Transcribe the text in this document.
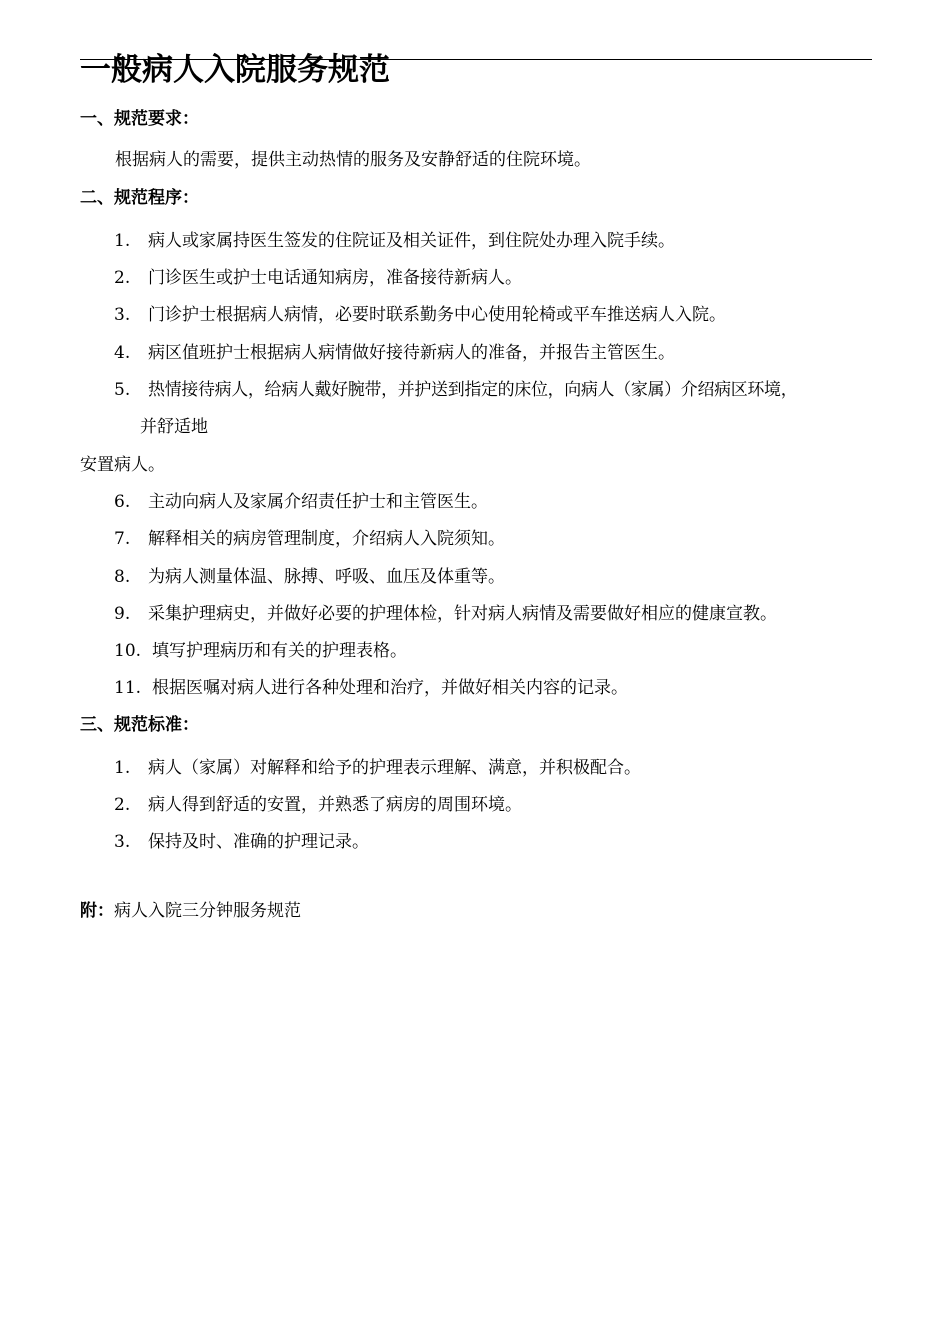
一般病人入院服务规范
一、规范要求：
根据病人的需要，提供主动热情的服务及安静舒适的住院环境。
二、规范程序：
1. 病人或家属持医生签发的住院证及相关证件，到住院处办理入院手续。
2. 门诊医生或护士电话通知病房，准备接待新病人。
3. 门诊护士根据病人病情，必要时联系勤务中心使用轮椅或平车推送病人入院。
4. 病区值班护士根据病人病情做好接待新病人的准备，并报告主管医生。
5. 热情接待病人，给病人戴好腕带，并护送到指定的床位，向病人（家属）介绍病区环境，
并舒适地
安置病人。
6. 主动向病人及家属介绍责任护士和主管医生。
7. 解释相关的病房管理制度，介绍病人入院须知。
8. 为病人测量体温、脉搏、呼吸、血压及体重等。
9. 采集护理病史，并做好必要的护理体检，针对病人病情及需要做好相应的健康宣教。
10. 填写护理病历和有关的护理表格。
11. 根据医嘱对病人进行各种处理和治疗，并做好相关内容的记录。
三、规范标准：
1. 病人（家属）对解释和给予的护理表示理解、满意，并积极配合。
2. 病人得到舒适的安置，并熟悉了病房的周围环境。
3. 保持及时、准确的护理记录。
附：病人入院三分钟服务规范
